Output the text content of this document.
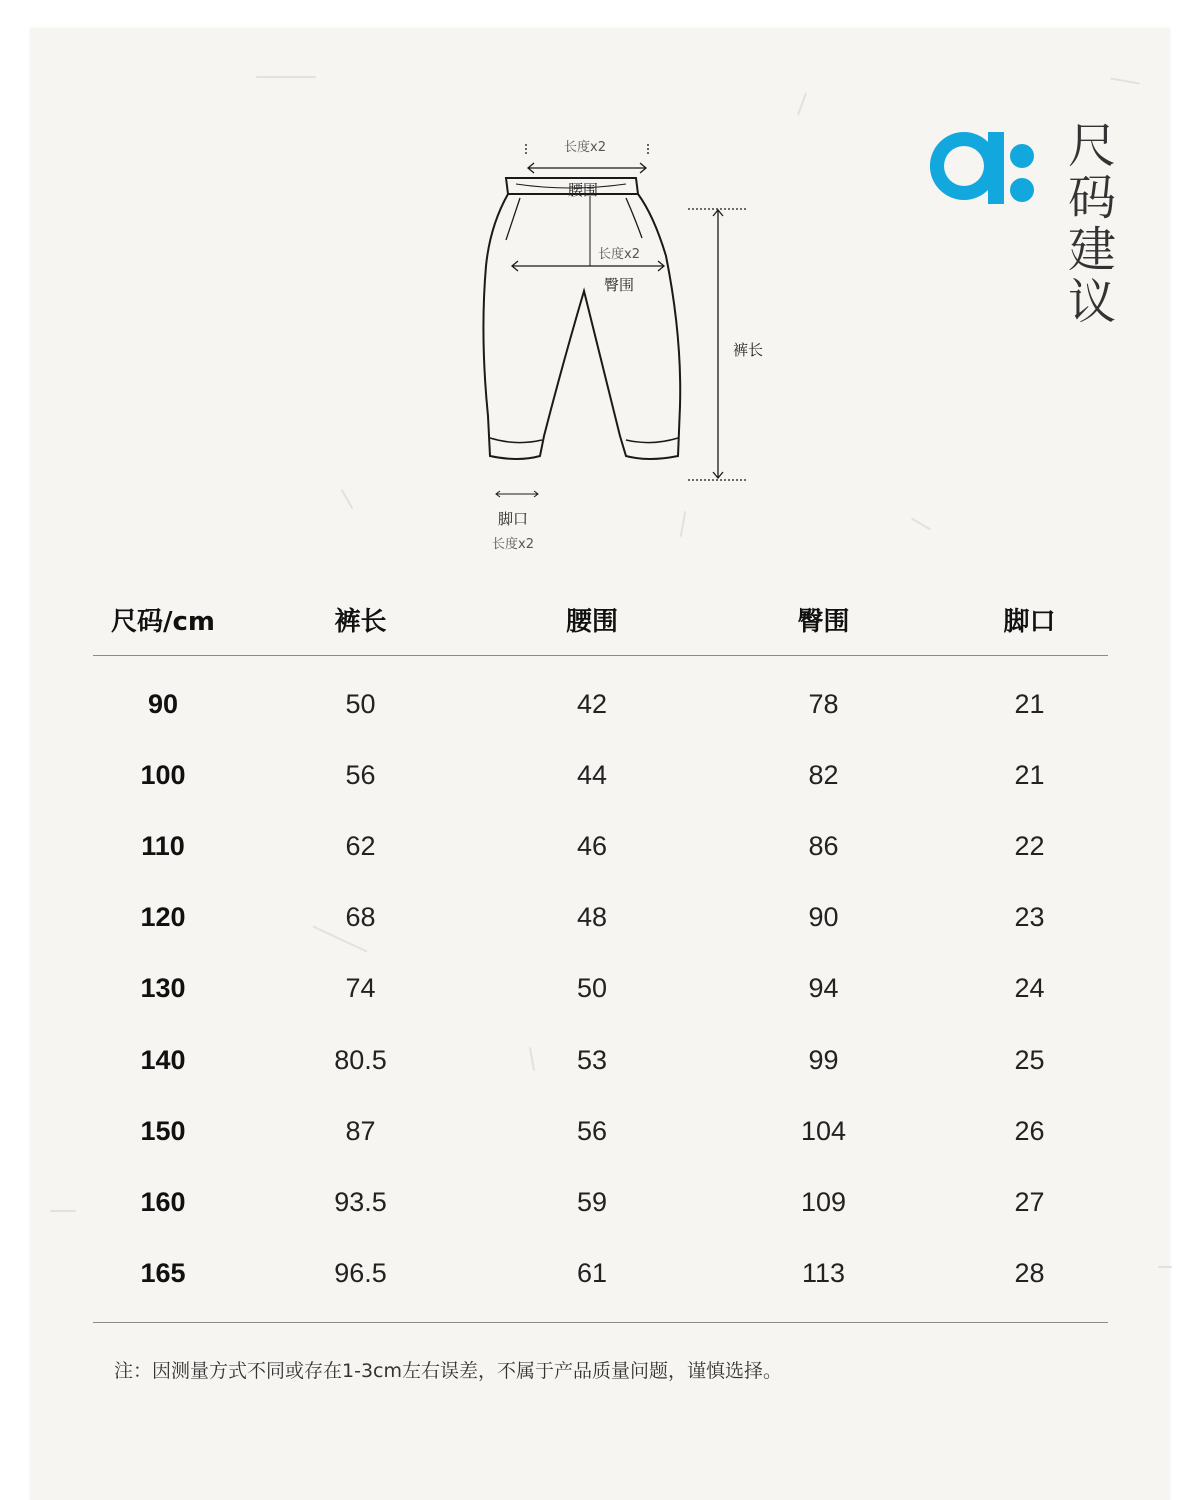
尺
码
建
议
长度x2
腰围
长度x2
臀围
裤长
脚口
长度x2
尺码/cm	裤长	腰围	臀围	脚口
90	50	42	78	21
100	56	44	82	21
110	62	46	86	22
120	68	48	90	23
130	74	50	94	24
140	80.5	53	99	25
150	87	56	104	26
160	93.5	59	109	27
165	96.5	61	113	28
注：因测量方式不同或存在1-3cm左右误差，不属于产品质量问题，谨慎选择。
